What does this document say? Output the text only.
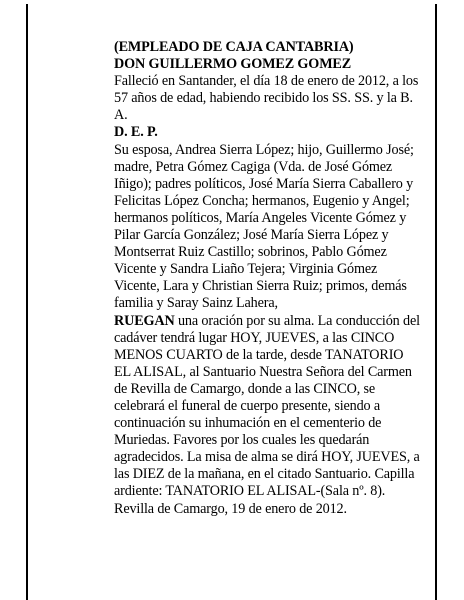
(EMPLEADO DE CAJA CANTABRIA)

DON GUILLERMO GOMEZ GOMEZ

Falleció en Santander, el día 18 de enero de 2012, a los 57 años de edad, habiendo recibido los SS. SS. y la B. A.

D. E. P.

Su esposa, Andrea Sierra López; hijo, Guillermo José; madre, Petra Gómez Cagiga (Vda. de José Gómez Iñigo); padres políticos, José María Sierra Caballero y Felicitas López Concha; hermanos, Eugenio y Angel; hermanos políticos, María Angeles Vicente Gómez y Pilar García González; José María Sierra López y Montserrat Ruiz Castillo; sobrinos, Pablo Gómez Vicente y Sandra Liaño Tejera; Virginia Gómez Vicente, Lara y Christian Sierra Ruiz; primos, demás familia y Saray Sainz Lahera,

RUEGAN una oración por su alma. La conducción del cadáver tendrá lugar HOY, JUEVES, a las CINCO MENOS CUARTO de la tarde, desde TANATORIO EL ALISAL, al Santuario Nuestra Señora del Carmen de Revilla de Camargo, donde a las CINCO, se celebrará el funeral de cuerpo presente, siendo a continuación su inhumación en el cementerio de Muriedas. Favores por los cuales les quedarán agradecidos. La misa de alma se dirá HOY, JUEVES, a las DIEZ de la mañana, en el citado Santuario. Capilla ardiente: TANATORIO EL ALISAL-(Sala nº. 8).

Revilla de Camargo, 19 de enero de 2012.
